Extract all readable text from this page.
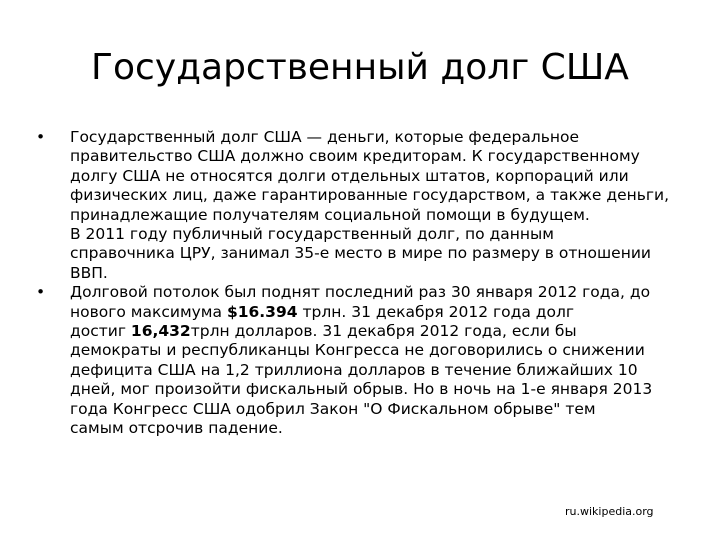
Государственный долг США
•	Государственный долг США — деньги, которые федеральное
правительство США должно своим кредиторам. К государственному
долгу США не относятся долги отдельных штатов, корпораций или
физических лиц, даже гарантированные государством, а также деньги,
принадлежащие получателям социальной помощи в будущем.
В 2011 году публичный государственный долг, по данным
справочника ЦРУ, занимал 35-е место в мире по размеру в отношении
ВВП.
•	Долговой потолок был поднят последний раз 30 января 2012 года, до
нового максимума $16.394 трлн. 31 декабря 2012 года долг
достиг 16,432трлн долларов. 31 декабря 2012 года, если бы
демократы и республиканцы Конгресса не договорились о снижении
дефицита США на 1,2 триллиона долларов в течение ближайших 10
дней, мог произойти фискальный обрыв. Но в ночь на 1-е января 2013
года Конгресс США одобрил Закон "О Фискальном обрыве" тем
самым отсрочив падение.
ru.wikipedia.org
